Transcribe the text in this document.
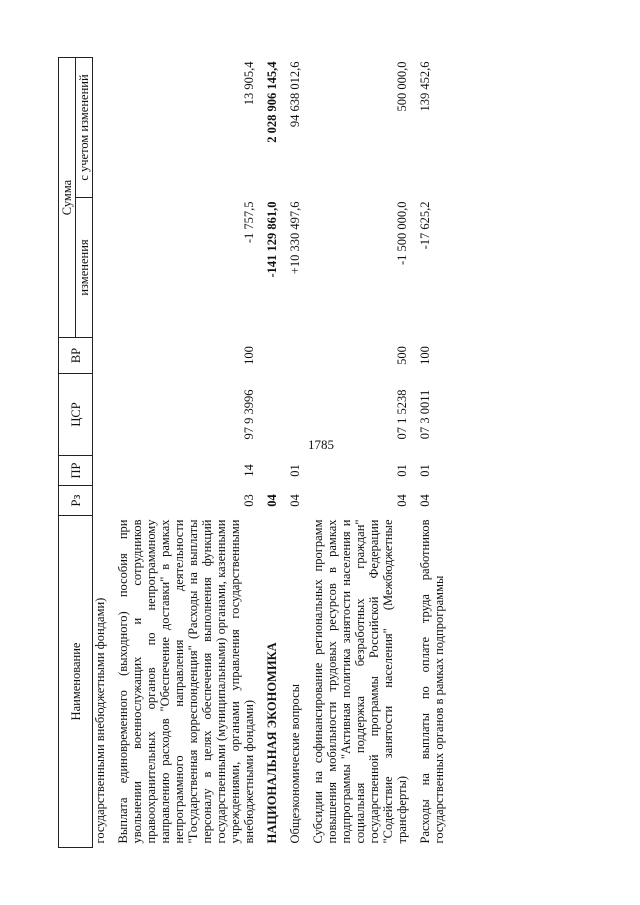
1785
Наименование	Рз	ПР	ЦСР	ВР	Сумма	
					изменения	с учетом изменений
государственными внебюджетными фондами)						
Выплата единовременного (выходного) пособия при увольнении военнослужащих и сотрудников правоохранительных органов по непрограммному направлению расходов "Обеспечение доставки" в рамках непрограммного направления деятельности "Государственная корреспонденция" (Расходы на выплаты персоналу в целях обеспечения выполнения функций государственными (муниципальными) органами, казенными учреждениями, органами управления государственными внебюджетными фондами)	03	14	97 9 3996	100	-1 757,5	13 905,4
НАЦИОНАЛЬНАЯ ЭКОНОМИКА	04				-141 129 861,0	2 028 906 145,4
Общеэкономические вопросы	04	01			+10 330 497,6	94 638 012,6
Субсидии на софинансирование региональных программ повышения мобильности трудовых ресурсов в рамках подпрограммы "Активная политика занятости населения и социальная поддержка безработных граждан" государственной программы Российской Федерации "Содействие занятости населения" (Межбюджетные трансферты)	04	01	07 1 5238	500	-1 500 000,0	500 000,0
Расходы на выплаты по оплате труда работников государственных органов в рамках подпрограммы	04	01	07 3 0011	100	-17 625,2	139 452,6
